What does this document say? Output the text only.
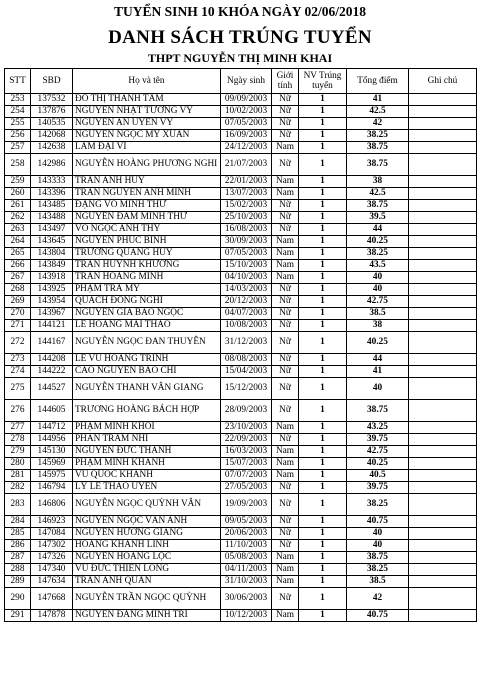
TUYỂN SINH 10 KHÓA NGÀY 02/06/2018
DANH SÁCH TRÚNG TUYỂN
THPT NGUYỄN THỊ MINH KHAI
STT	SBD	Họ và tên	Ngày sinh	Giới tính	NV Trúng tuyển	Tổng điểm	Ghi chú
253	137532	ĐỖ THỊ THANH TÂM	09/09/2003	Nữ	1	41	
254	137876	NGUYỄN NHẬT TƯỜNG VY	10/02/2003	Nữ	1	42.5	
255	140535	NGUYỄN AN UYÊN VY	07/05/2003	Nữ	1	42	
256	142068	NGUYỄN NGỌC MỸ XUÂN	16/09/2003	Nữ	1	38.25	
257	142638	LÂM ĐẠI VĨ	24/12/2003	Nam	1	38.75	
258	142986	NGUYỄN HOÀNG PHƯƠNG NGHI	21/07/2003	Nữ	1	38.75	
259	143333	TRẦN ANH HUY	22/01/2003	Nam	1	38	
260	143396	TRẦN NGUYỄN ANH MINH	13/07/2003	Nam	1	42.5	
261	143485	ĐẶNG VÕ MINH THƯ	15/02/2003	Nữ	1	38.75	
262	143488	NGUYỄN ĐẢM MINH THƯ	25/10/2003	Nữ	1	39.5	
263	143497	VÕ NGỌC ANH THY	16/08/2003	Nữ	1	44	
264	143645	NGUYỄN PHÚC BÌNH	30/09/2003	Nam	1	40.25	
265	143804	TRƯƠNG QUANG HUY	07/05/2003	Nam	1	38.25	
266	143849	TRẦN HUỲNH KHƯƠNG	15/10/2003	Nam	1	43.5	
267	143918	TRẦN HOÀNG MINH	04/10/2003	Nam	1	40	
268	143925	PHẠM TRÀ MY	14/03/2003	Nữ	1	40	
269	143954	QUÁCH ĐÔNG NGHI	20/12/2003	Nữ	1	42.75	
270	143967	NGUYỄN GIA BẢO NGỌC	04/07/2003	Nữ	1	38.5	
271	144121	LÊ HOÀNG MAI THẢO	10/08/2003	Nữ	1	38	
272	144167	NGUYỄN NGỌC ĐAN THUYÊN	31/12/2003	Nữ	1	40.25	
273	144208	LÊ VŨ HOÀNG TRINH	08/08/2003	Nữ	1	44	
274	144222	CAO NGUYỄN BẢO CHI	15/04/2003	Nữ	1	41	
275	144527	NGUYỄN THANH VÂN GIANG	15/12/2003	Nữ	1	40	
276	144605	TRƯƠNG HOÀNG BÁCH HỢP	28/09/2003	Nữ	1	38.75	
277	144712	PHẠM MINH KHÔI	23/10/2003	Nam	1	43.25	
278	144956	PHAN TRÂM NHI	22/09/2003	Nữ	1	39.75	
279	145130	NGUYỄN ĐỨC THÀNH	16/03/2003	Nam	1	42.75	
280	145969	PHẠM MINH KHÁNH	15/07/2003	Nam	1	40.25	
281	145975	VŨ QUỐC KHÁNH	07/07/2003	Nam	1	40.5	
282	146794	LÝ LÊ THẢO UYÊN	27/05/2003	Nữ	1	39.75	
283	146806	NGUYỄN NGỌC QUỲNH VÂN	19/09/2003	Nữ	1	38.25	
284	146923	NGUYỄN NGỌC VÂN ANH	09/05/2003	Nữ	1	40.75	
285	147084	NGUYỄN HƯƠNG GIANG	20/06/2003	Nữ	1	40	
286	147302	HOÀNG KHÁNH LINH	11/10/2003	Nữ	1	40	
287	147326	NGUYỄN HOÀNG LỘC	05/08/2003	Nam	1	38.75	
288	147340	VŨ ĐỨC THIÊN LONG	04/11/2003	Nam	1	38.25	
289	147634	TRẦN ANH QUÂN	31/10/2003	Nam	1	38.5	
290	147668	NGUYỄN TRẦN NGỌC QUỲNH	30/06/2003	Nữ	1	42	
291	147878	NGUYỄN ĐĂNG MINH TRÍ	10/12/2003	Nam	1	40.75	
